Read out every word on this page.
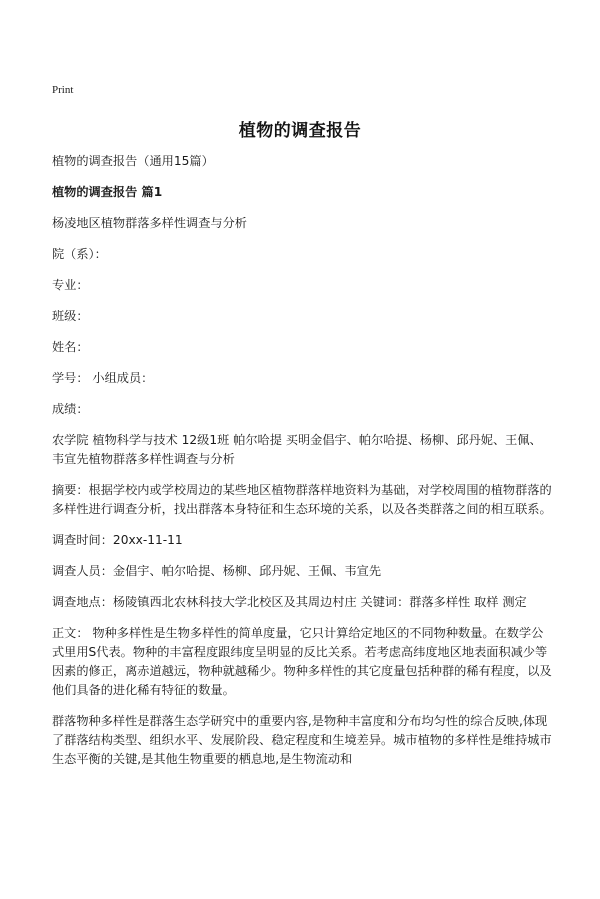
Print
植物的调查报告

植物的调查报告（通用15篇）

植物的调查报告 篇1

杨凌地区植物群落多样性调查与分析

院（系）：

专业：

班级：

姓名：

学号： 小组成员：

成绩：

农学院 植物科学与技术 12级1班 帕尔哈提 买明金倡宇、帕尔哈提、杨柳、邱丹妮、王佩、韦宣先植物群落多样性调查与分析

摘要：根据学校内或学校周边的某些地区植物群落样地资料为基础，对学校周围的植物群落的多样性进行调查分析，找出群落本身特征和生态环境的关系，以及各类群落之间的相互联系。

调查时间：20xx-11-11

调查人员：金倡宇、帕尔哈提、杨柳、邱丹妮、王佩、韦宣先

调查地点：杨陵镇西北农林科技大学北校区及其周边村庄 关键词：群落多样性 取样 测定

正文： 物种多样性是生物多样性的简单度量，它只计算给定地区的不同物种数量。在数学公式里用S代表。物种的丰富程度跟纬度呈明显的反比关系。若考虑高纬度地区地表面积减少等因素的修正，离赤道越远，物种就越稀少。物种多样性的其它度量包括种群的稀有程度，以及他们具备的进化稀有特征的数量。

群落物种多样性是群落生态学研究中的重要内容,是物种丰富度和分布均匀性的综合反映,体现了群落结构类型、组织水平、发展阶段、稳定程度和生境差异。城市植物的多样性是维持城市生态平衡的关键,是其他生物重要的栖息地,是生物流动和
